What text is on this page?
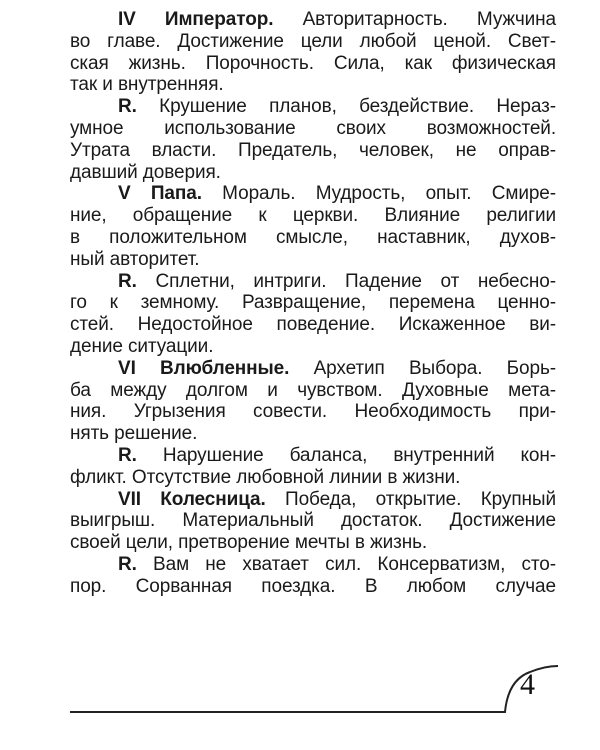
IV Император. Авторитарность. Мужчина
во главе. Достижение цели любой ценой. Свет-
ская жизнь. Порочность. Сила, как физическая
так и внутренняя.
R. Крушение планов, бездействие. Нераз-
умное использование своих возможностей.
Утрата власти. Предатель, человек, не оправ-
давший доверия.
V Папа. Мораль. Мудрость, опыт. Смире-
ние, обращение к церкви. Влияние религии
в положительном смысле, наставник, духов-
ный авторитет.
R. Сплетни, интриги. Падение от небесно-
го к земному. Развращение, перемена ценно-
стей. Недостойное поведение. Искаженное ви-
дение ситуации.
VI Влюбленные. Архетип Выбора. Борь-
ба между долгом и чувством. Духовные мета-
ния. Угрызения совести. Необходимость при-
нять решение.
R. Нарушение баланса, внутренний кон-
фликт. Отсутствие любовной линии в жизни.
VII Колесница. Победа, открытие. Крупный
выигрыш. Материальный достаток. Достижение
своей цели, претворение мечты в жизнь.
R. Вам не хватает сил. Консерватизм, сто-
пор. Сорванная поездка. В любом случае
4
